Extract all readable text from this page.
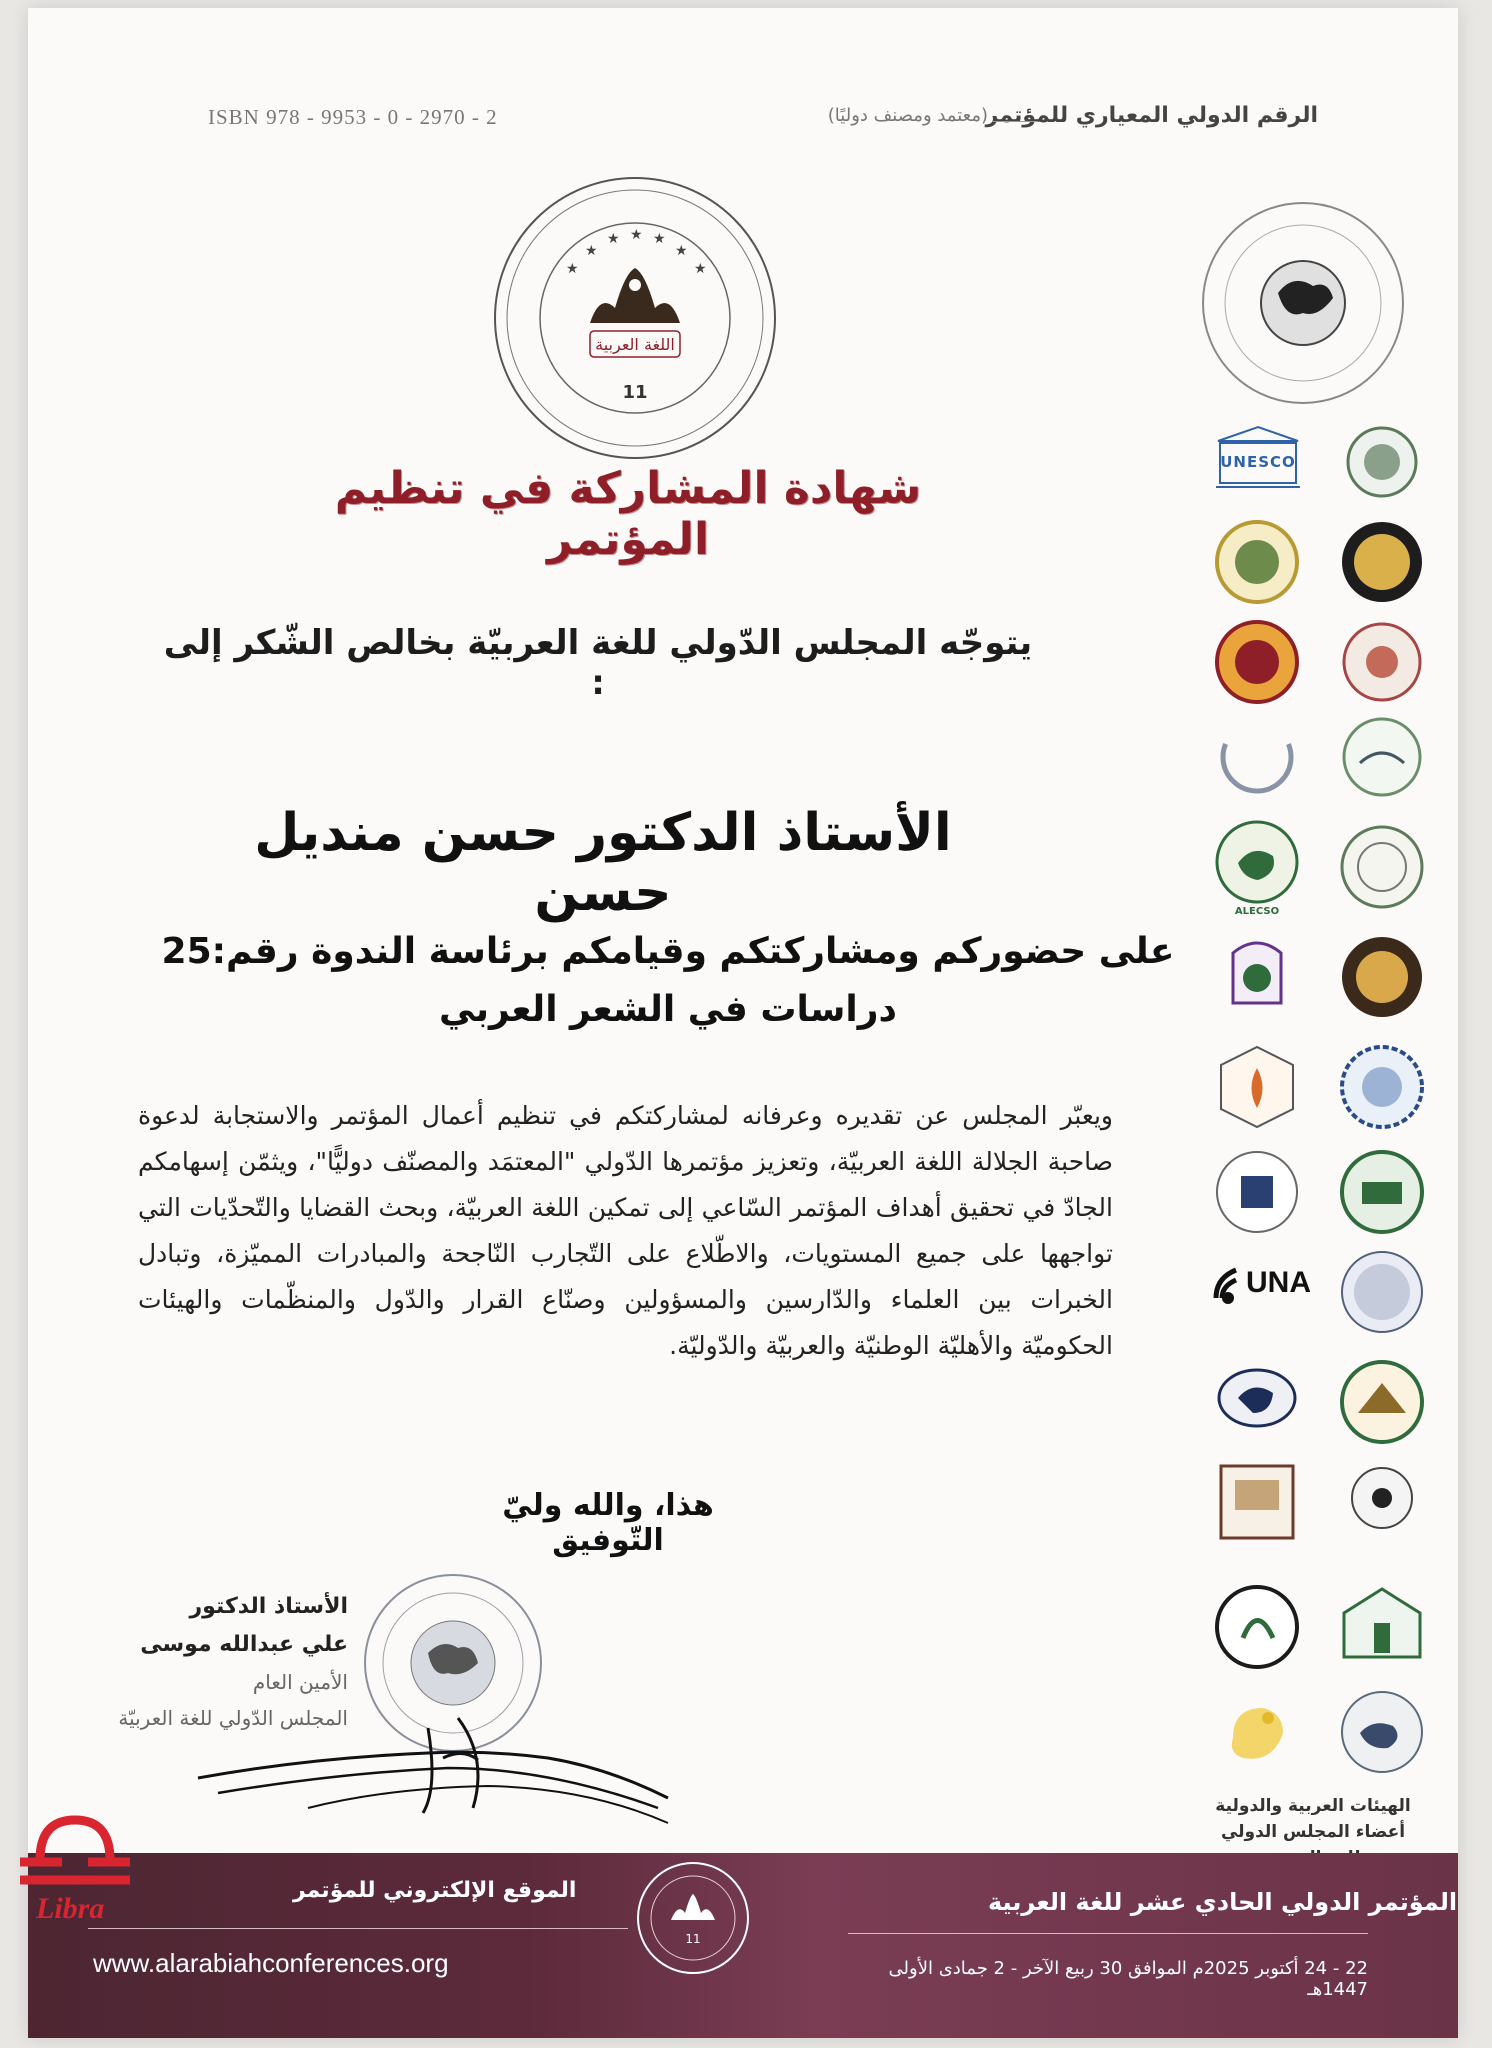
الرقم الدولي المعياري للمؤتمر
(معتمد ومصنف دوليًا)
ISBN 978 - 9953 - 0 - 2970 - 2
★
★ ★ ★
★
★	★
اللغة العربية
11
شهادة المشاركة في تنظيم المؤتمر
يتوجّه المجلس الدّولي للغة العربيّة بخالص الشّكر إلى :
الأستاذ الدكتور حسن منديل حسن
على حضوركم ومشاركتكم وقيامكم برئاسة الندوة رقم:25 دراسات في الشعر العربي
ويعبّر المجلس عن تقديره وعرفانه لمشاركتكم في تنظيم أعمال المؤتمر والاستجابة لدعوة صاحبة الجلالة اللغة العربيّة، وتعزيز مؤتمرها الدّولي "المعتمَد والمصنّف دوليًّا"، ويثمّن إسهامكم الجادّ في تحقيق أهداف المؤتمر السّاعي إلى تمكين اللغة العربيّة، وبحث القضايا والتّحدّيات التي تواجهها على جميع المستويات، والاطّلاع على التّجارب النّاجحة والمبادرات المميّزة، وتبادل الخبرات بين العلماء والدّارسين والمسؤولين وصنّاع القرار والدّول والمنظّمات والهيئات الحكوميّة والأهليّة الوطنيّة والعربيّة والدّوليّة.
هذا، والله وليّ التّوفيق
الأستاذ الدكتور
علي عبدالله موسى
الأمين العام
المجلس الدّولي للغة العربيّة
UNESCO
ALECSO
UNA
الهيئات العربية والدولية أعضاء المجلس الدولي
الموقع الإلكتروني للمؤتمر
www.alarabiahconferences.org
المؤتمر الدولي الحادي عشر للغة العربية
22 - 24 أكتوبر 2025م الموافق 30 ربيع الآخر - 2 جمادى الأولى 1447هـ
11
Libra
